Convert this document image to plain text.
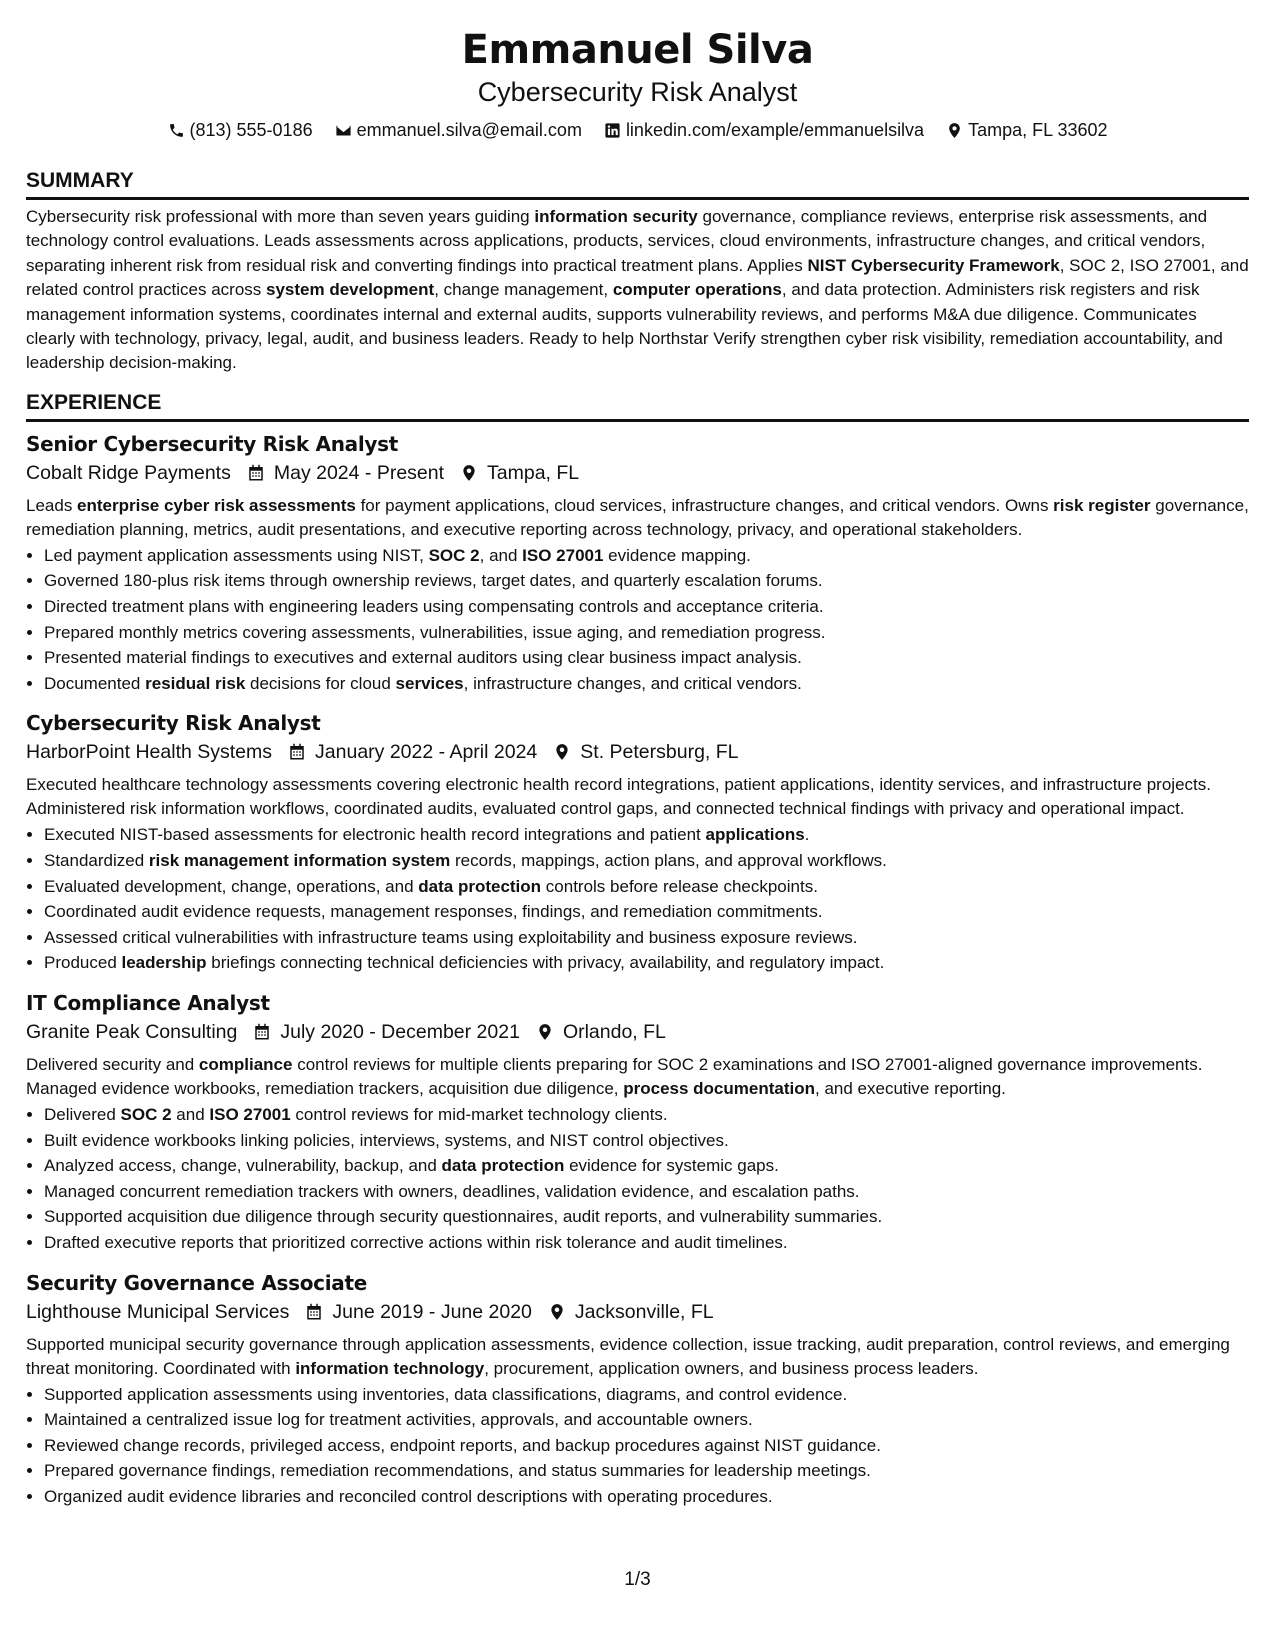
Emmanuel Silva
Cybersecurity Risk Analyst
(813) 555-0186 emmanuel.silva@email.com linkedin.com/example/emmanuelsilva Tampa, FL 33602
SUMMARY

Cybersecurity risk professional with more than seven years guiding information security governance, compliance reviews, enterprise risk assessments, and technology control evaluations. Leads assessments across applications, products, services, cloud environments, infrastructure changes, and critical vendors, separating inherent risk from residual risk and converting findings into practical treatment plans. Applies NIST Cybersecurity Framework, SOC 2, ISO 27001, and related control practices across system development, change management, computer operations, and data protection. Administers risk registers and risk management information systems, coordinates internal and external audits, supports vulnerability reviews, and performs M&A due diligence. Communicates clearly with technology, privacy, legal, audit, and business leaders. Ready to help Northstar Verify strengthen cyber risk visibility, remediation accountability, and leadership decision-making.

EXPERIENCE
Senior Cybersecurity Risk Analyst
Cobalt Ridge Payments May 2024 - Present Tampa, FL

Leads enterprise cyber risk assessments for payment applications, cloud services, infrastructure changes, and critical vendors. Owns risk register governance, remediation planning, metrics, audit presentations, and executive reporting across technology, privacy, and operational stakeholders.

• Led payment application assessments using NIST, SOC 2, and ISO 27001 evidence mapping.
• Governed 180-plus risk items through ownership reviews, target dates, and quarterly escalation forums.
• Directed treatment plans with engineering leaders using compensating controls and acceptance criteria.
• Prepared monthly metrics covering assessments, vulnerabilities, issue aging, and remediation progress.
• Presented material findings to executives and external auditors using clear business impact analysis.
• Documented residual risk decisions for cloud services, infrastructure changes, and critical vendors.
Cybersecurity Risk Analyst
HarborPoint Health Systems January 2022 - April 2024 St. Petersburg, FL

Executed healthcare technology assessments covering electronic health record integrations, patient applications, identity services, and infrastructure projects. Administered risk information workflows, coordinated audits, evaluated control gaps, and connected technical findings with privacy and operational impact.

• Executed NIST-based assessments for electronic health record integrations and patient applications.
• Standardized risk management information system records, mappings, action plans, and approval workflows.
• Evaluated development, change, operations, and data protection controls before release checkpoints.
• Coordinated audit evidence requests, management responses, findings, and remediation commitments.
• Assessed critical vulnerabilities with infrastructure teams using exploitability and business exposure reviews.
• Produced leadership briefings connecting technical deficiencies with privacy, availability, and regulatory impact.
IT Compliance Analyst
Granite Peak Consulting July 2020 - December 2021 Orlando, FL

Delivered security and compliance control reviews for multiple clients preparing for SOC 2 examinations and ISO 27001-aligned governance improvements. Managed evidence workbooks, remediation trackers, acquisition due diligence, process documentation, and executive reporting.

• Delivered SOC 2 and ISO 27001 control reviews for mid-market technology clients.
• Built evidence workbooks linking policies, interviews, systems, and NIST control objectives.
• Analyzed access, change, vulnerability, backup, and data protection evidence for systemic gaps.
• Managed concurrent remediation trackers with owners, deadlines, validation evidence, and escalation paths.
• Supported acquisition due diligence through security questionnaires, audit reports, and vulnerability summaries.
• Drafted executive reports that prioritized corrective actions within risk tolerance and audit timelines.
Security Governance Associate
Lighthouse Municipal Services June 2019 - June 2020 Jacksonville, FL

Supported municipal security governance through application assessments, evidence collection, issue tracking, audit preparation, control reviews, and emerging threat monitoring. Coordinated with information technology, procurement, application owners, and business process leaders.

• Supported application assessments using inventories, data classifications, diagrams, and control evidence.
• Maintained a centralized issue log for treatment activities, approvals, and accountable owners.
• Reviewed change records, privileged access, endpoint reports, and backup procedures against NIST guidance.
• Prepared governance findings, remediation recommendations, and status summaries for leadership meetings.
• Organized audit evidence libraries and reconciled control descriptions with operating procedures.
1/3
